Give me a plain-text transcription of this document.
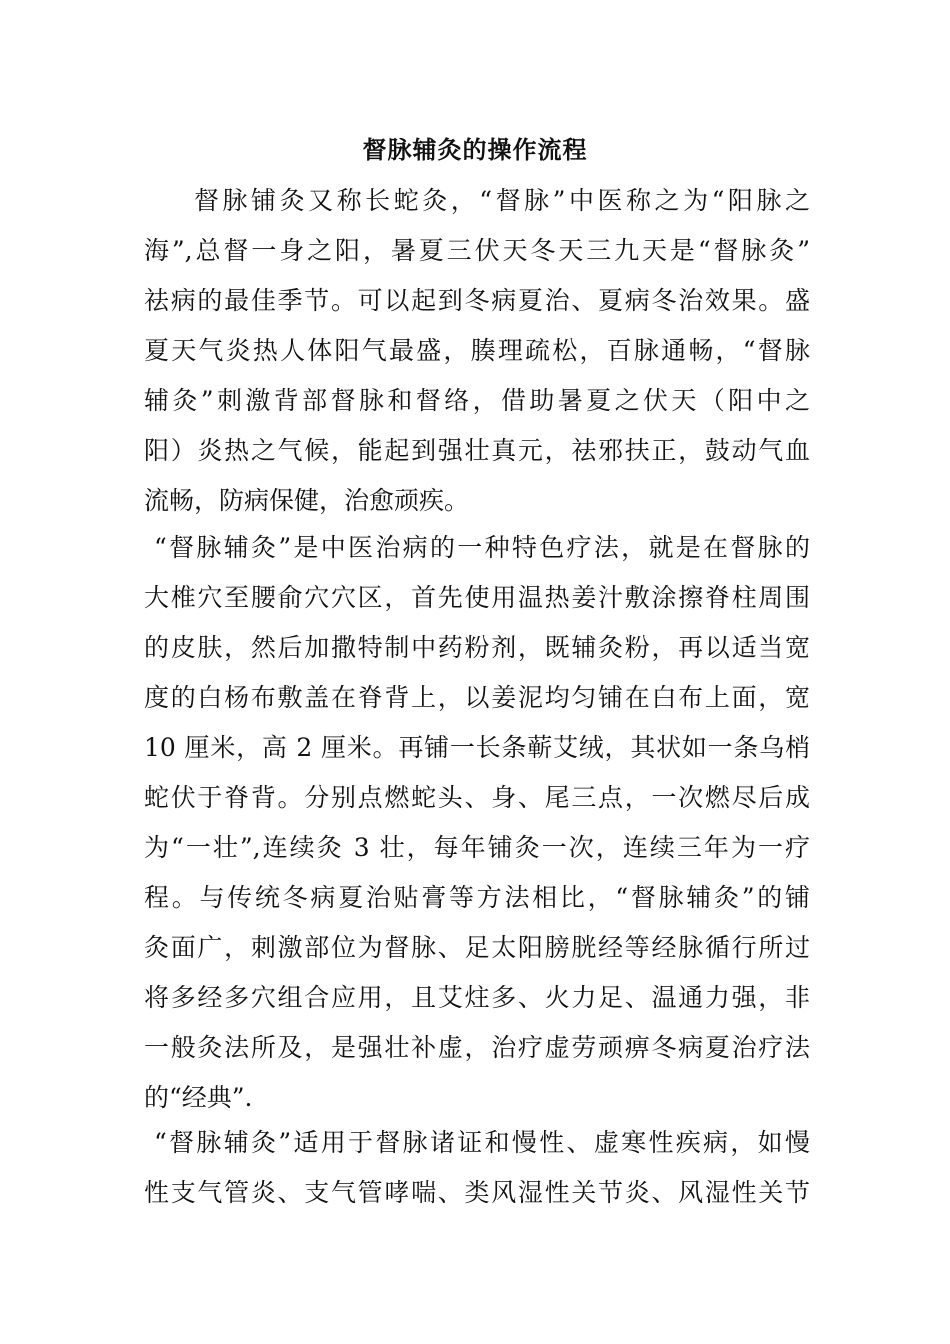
督脉辅灸的操作流程
督脉铺灸又称长蛇灸，“督脉”中医称之为“阳脉之
海”,总督一身之阳，暑夏三伏天冬天三九天是“督脉灸”
祛病的最佳季节。可以起到冬病夏治、夏病冬治效果。盛
夏天气炎热人体阳气最盛，腠理疏松，百脉通畅，“督脉
辅灸”刺激背部督脉和督络，借助暑夏之伏天（阳中之
阳）炎热之气候，能起到强壮真元，祛邪扶正，鼓动气血
流畅，防病保健，治愈顽疾。
“督脉辅灸”是中医治病的一种特色疗法，就是在督脉的
大椎穴至腰俞穴穴区，首先使用温热姜汁敷涂擦脊柱周围
的皮肤，然后加撒特制中药粉剂，既辅灸粉，再以适当宽
度的白杨布敷盖在脊背上，以姜泥均匀铺在白布上面，宽
10 厘米，高 2 厘米。再铺一长条蕲艾绒，其状如一条乌梢
蛇伏于脊背。分别点燃蛇头、身、尾三点，一次燃尽后成
为“一壮”,连续灸 3 壮，每年铺灸一次，连续三年为一疗
程。与传统冬病夏治贴膏等方法相比，“督脉辅灸”的铺
灸面广，刺激部位为督脉、足太阳膀胱经等经脉循行所过
将多经多穴组合应用，且艾炷多、火力足、温通力强，非
一般灸法所及，是强壮补虚，治疗虚劳顽痹冬病夏治疗法
的“经典”.
“督脉辅灸”适用于督脉诸证和慢性、虚寒性疾病，如慢
性支气管炎、支气管哮喘、类风湿性关节炎、风湿性关节
